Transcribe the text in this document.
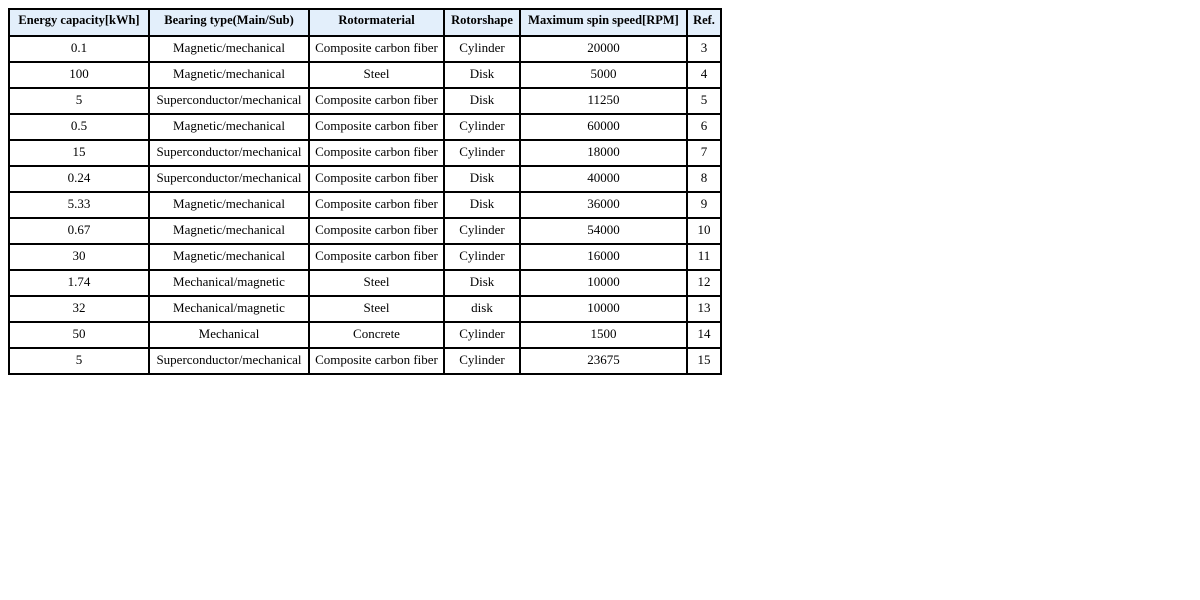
Energy capacity[kWh]	Bearing type(Main/Sub)	Rotormaterial	Rotorshape	Maximum spin speed[RPM]	Ref.
0.1	Magnetic/mechanical	Composite carbon fiber	Cylinder	20000	3
100	Magnetic/mechanical	Steel	Disk	5000	4
5	Superconductor/mechanical	Composite carbon fiber	Disk	11250	5
0.5	Magnetic/mechanical	Composite carbon fiber	Cylinder	60000	6
15	Superconductor/mechanical	Composite carbon fiber	Cylinder	18000	7
0.24	Superconductor/mechanical	Composite carbon fiber	Disk	40000	8
5.33	Magnetic/mechanical	Composite carbon fiber	Disk	36000	9
0.67	Magnetic/mechanical	Composite carbon fiber	Cylinder	54000	10
30	Magnetic/mechanical	Composite carbon fiber	Cylinder	16000	11
1.74	Mechanical/magnetic	Steel	Disk	10000	12
32	Mechanical/magnetic	Steel	disk	10000	13
50	Mechanical	Concrete	Cylinder	1500	14
5	Superconductor/mechanical	Composite carbon fiber	Cylinder	23675	15
